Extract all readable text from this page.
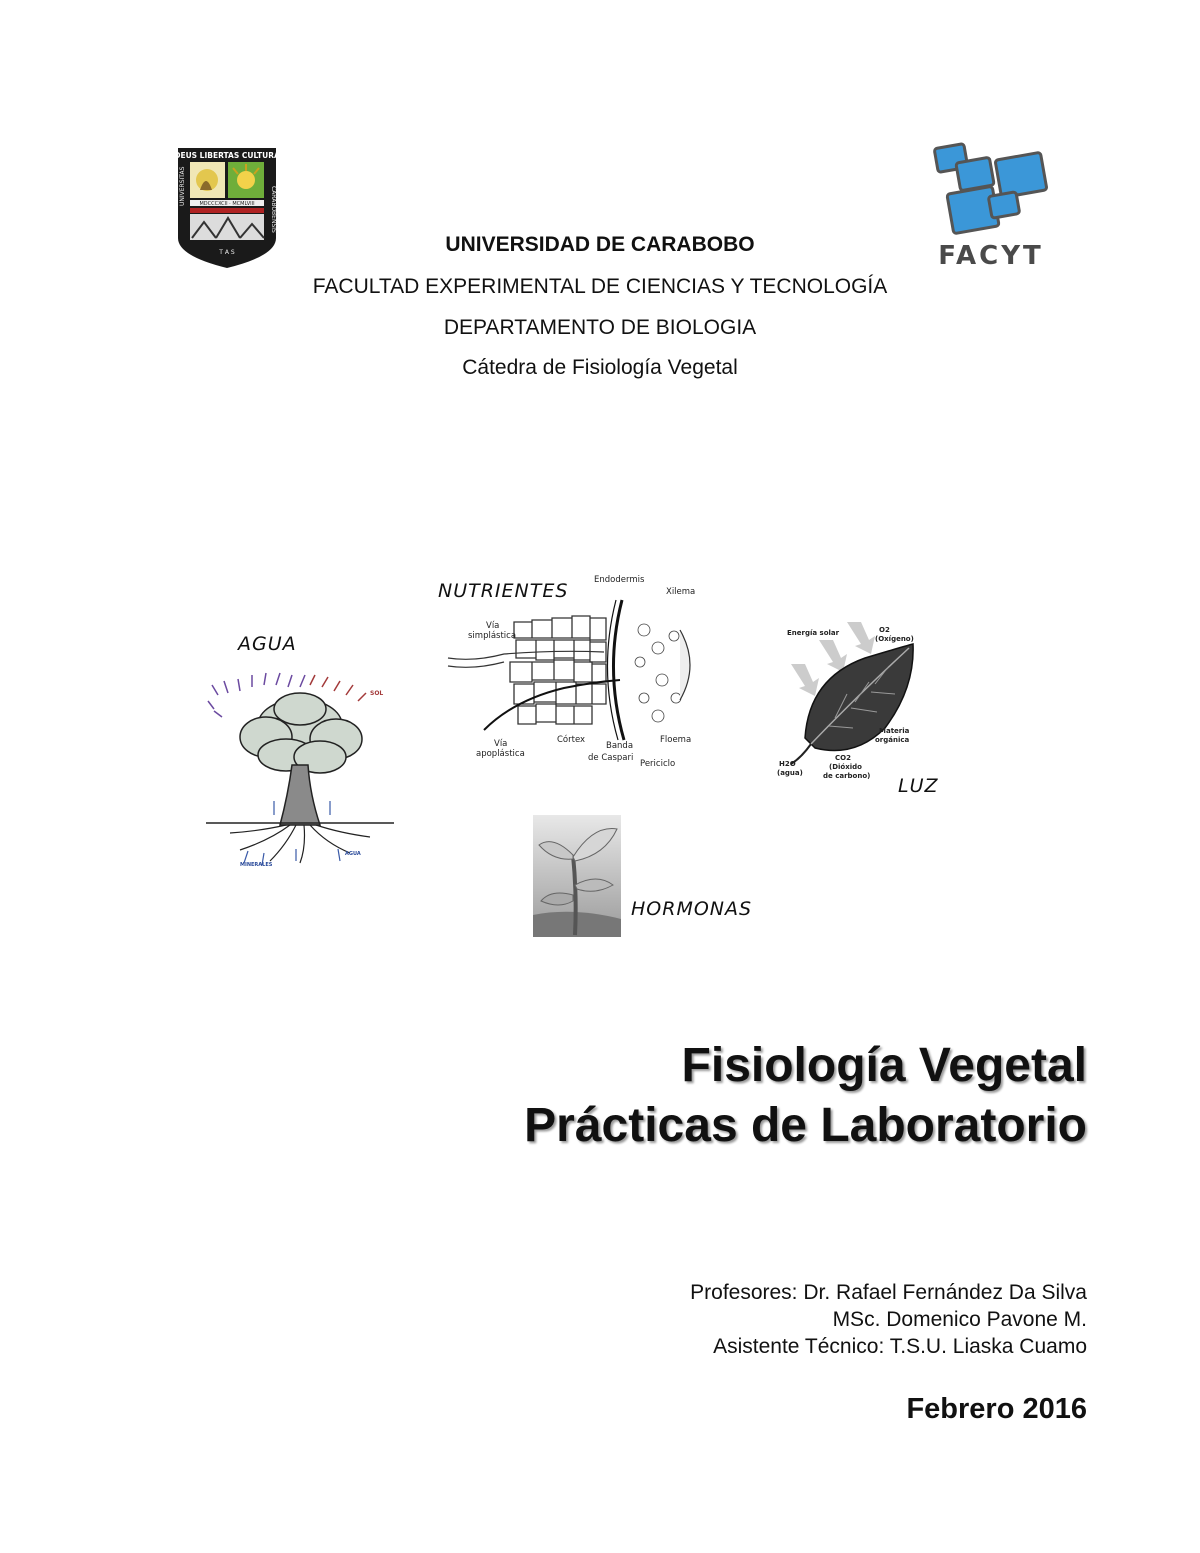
DEUS LIBERTAS CULTURA
MDCCCXCII · MCMLVIII
UNIVERSITAS	CARABOBENSIS
T A S	FACYT
UNIVERSIDAD DE CARABOBO
FACULTAD EXPERIMENTAL DE CIENCIAS Y TECNOLOGÍA
DEPARTAMENTO DE BIOLOGIA
Cátedra de Fisiología Vegetal
AGUA
SOL
MINERALES
AGUA
NUTRIENTES	Endodermis
Xilema
Vía
simplástica
Vía
apoplástica
Córtex
Banda
de Caspari
Floema
Periciclo
Energía solar	O2
(Oxígeno)
Materia
orgánica
H2O
(agua)
CO2
(Dióxido
de carbono) LUZ
HORMONAS
Fisiología Vegetal
Prácticas de Laboratorio
Profesores: Dr. Rafael Fernández Da Silva
MSc. Domenico Pavone M.
Asistente Técnico: T.S.U. Liaska Cuamo
Febrero 2016
